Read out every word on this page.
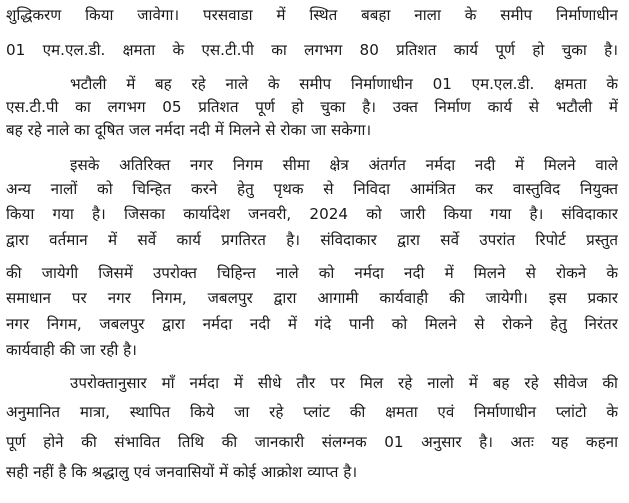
शुद्धिकरण किया जावेगा। परसवाडा में स्थित बबहा नाला के समीप निर्माणाधीन
01 एम.एल.डी. क्षमता के एस.टी.पी का लगभग 80 प्रतिशत कार्य पूर्ण हो चुका है।
भटौली में बह रहे नाले के समीप निर्माणाधीन 01 एम.एल.डी. क्षमता के
एस.टी.पी का लगभग 05 प्रतिशत पूर्ण हो चुका है। उक्त निर्माण कार्य से भटौली में
बह रहे नाले का दूषित जल नर्मदा नदी में मिलने से रोका जा सकेगा।
इसके अतिरिक्त नगर निगम सीमा क्षेत्र अंतर्गत नर्मदा नदी में मिलने वाले
अन्य नालों को चिन्हित करने हेतु पृथक से निविदा आमंत्रित कर वास्तुविद नियुक्त
किया गया है। जिसका कार्यादेश जनवरी, 2024 को जारी किया गया है। संविदाकार
द्वारा वर्तमान में सर्वे कार्य प्रगतिरत है। संविदाकार द्वारा सर्वे उपरांत रिपोर्ट प्रस्तुत
की जायेगी जिसमें उपरोक्त चिहिन्त नाले को नर्मदा नदी में मिलने से रोकने के
समाधान पर नगर निगम, जबलपुर द्वारा आगामी कार्यवाही की जायेगी। इस प्रकार
नगर निगम, जबलपुर द्वारा नर्मदा नदी में गंदे पानी को मिलने से रोकने हेतु निरंतर
कार्यवाही की जा रही है।
उपरोक्तानुसार माँ नर्मदा में सीधे तौर पर मिल रहे नालो में बह रहे सीवेज की
अनुमानित मात्रा, स्थापित किये जा रहे प्लांट की क्षमता एवं निर्माणाधीन प्लांटो के
पूर्ण होने की संभावित तिथि की जानकारी संलग्नक 01 अनुसार है। अतः यह कहना
सही नहीं है कि श्रद्धालु एवं जनवासियों में कोई आक्रोश व्याप्त है।
